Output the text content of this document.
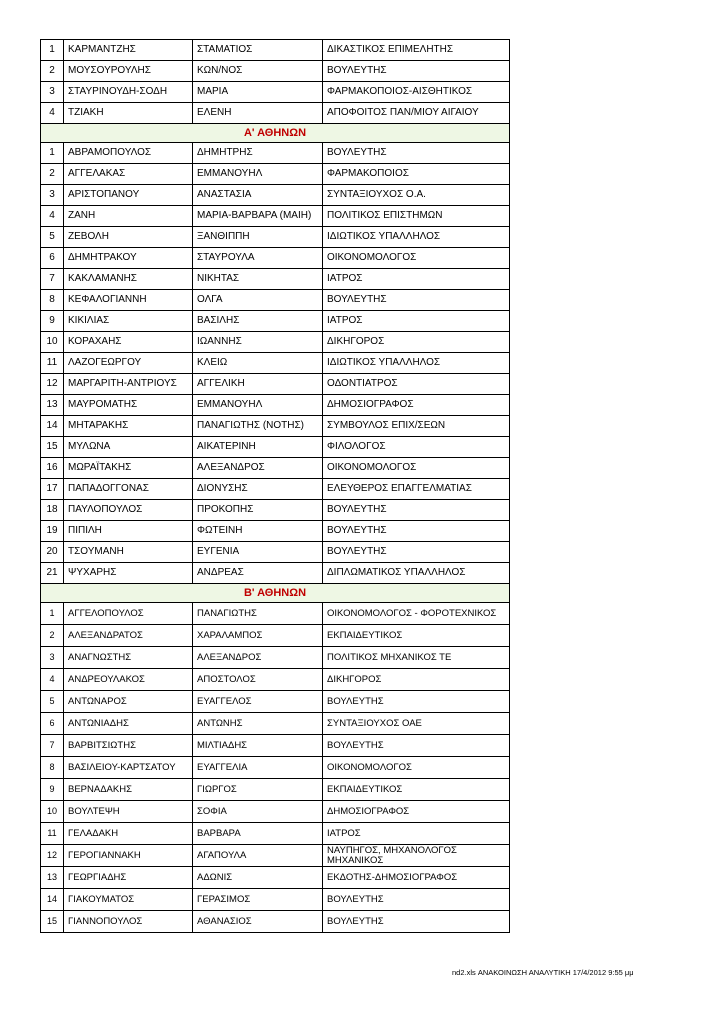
1	ΚΑΡΜΑΝΤΖΗΣ	ΣΤΑΜΑΤΙΟΣ	ΔΙΚΑΣΤΙΚΟΣ ΕΠΙΜΕΛΗΤΗΣ
2	ΜΟΥΣΟΥΡΟΥΛΗΣ	ΚΩΝ/ΝΟΣ	ΒΟΥΛΕΥΤΗΣ
3	ΣΤΑΥΡΙΝΟΥΔΗ-ΣΟΔΗ	ΜΑΡΙΑ	ΦΑΡΜΑΚΟΠΟΙΟΣ-ΑΙΣΘΗΤΙΚΟΣ
4	ΤΖΙΑΚΗ	ΕΛΕΝΗ	ΑΠΟΦΟΙΤΟΣ ΠΑΝ/ΜΙΟΥ ΑΙΓΑΙΟΥ
Α' ΑΘΗΝΩΝ			
1	ΑΒΡΑΜΟΠΟΥΛΟΣ	ΔΗΜΗΤΡΗΣ	ΒΟΥΛΕΥΤΗΣ
2	ΑΓΓΕΛΑΚΑΣ	ΕΜΜΑΝΟΥΗΛ	ΦΑΡΜΑΚΟΠΟΙΟΣ
3	ΑΡΙΣΤΟΠΑΝΟΥ	ΑΝΑΣΤΑΣΙΑ	ΣΥΝΤΑΞΙΟΥΧΟΣ Ο.Α.
4	ΖΑΝΗ	ΜΑΡΙΑ-ΒΑΡΒΑΡΑ (ΜΑΙΗ)	ΠΟΛΙΤΙΚΟΣ ΕΠΙΣΤΗΜΩΝ
5	ΖΕΒΟΛΗ	ΞΑΝΘΙΠΠΗ	ΙΔΙΩΤΙΚΟΣ ΥΠΑΛΛΗΛΟΣ
6	ΔΗΜΗΤΡΑΚΟΥ	ΣΤΑΥΡΟΥΛΑ	ΟΙΚΟΝΟΜΟΛΟΓΟΣ
7	ΚΑΚΛΑΜΑΝΗΣ	ΝΙΚΗΤΑΣ	ΙΑΤΡΟΣ
8	ΚΕΦΑΛΟΓΙΑΝΝΗ	ΟΛΓΑ	ΒΟΥΛΕΥΤΗΣ
9	ΚΙΚΙΛΙΑΣ	ΒΑΣΙΛΗΣ	ΙΑΤΡΟΣ
10	ΚΟΡΑΧΑΗΣ	ΙΩΑΝΝΗΣ	ΔΙΚΗΓΟΡΟΣ
11	ΛΑΖΟΓΕΩΡΓΟΥ	ΚΛΕΙΩ	ΙΔΙΩΤΙΚΟΣ ΥΠΑΛΛΗΛΟΣ
12	ΜΑΡΓΑΡΙΤΗ-ΑΝΤΡΙΟΥΣ	ΑΓΓΕΛΙΚΗ	ΟΔΟΝΤΙΑΤΡΟΣ
13	ΜΑΥΡΟΜΑΤΗΣ	ΕΜΜΑΝΟΥΗΛ	ΔΗΜΟΣΙΟΓΡΑΦΟΣ
14	ΜΗΤΑΡΑΚΗΣ	ΠΑΝΑΓΙΩΤΗΣ (ΝΟΤΗΣ)	ΣΥΜΒΟΥΛΟΣ ΕΠΙΧ/ΣΕΩΝ
15	ΜΥΛΩΝΑ	ΑΙΚΑΤΕΡΙΝΗ	ΦΙΛΟΛΟΓΟΣ
16	ΜΩΡΑΪΤΑΚΗΣ	ΑΛΕΞΑΝΔΡΟΣ	ΟΙΚΟΝΟΜΟΛΟΓΟΣ
17	ΠΑΠΑΔΟΓΓΟΝΑΣ	ΔΙΟΝΥΣΗΣ	ΕΛΕΥΘΕΡΟΣ ΕΠΑΓΓΕΛΜΑΤΙΑΣ
18	ΠΑΥΛΟΠΟΥΛΟΣ	ΠΡΟΚΟΠΗΣ	ΒΟΥΛΕΥΤΗΣ
19	ΠΙΠΙΛΗ	ΦΩΤΕΙΝΗ	ΒΟΥΛΕΥΤΗΣ
20	ΤΣΟΥΜΑΝΗ	ΕΥΓΕΝΙΑ	ΒΟΥΛΕΥΤΗΣ
21	ΨΥΧΑΡΗΣ	ΑΝΔΡΕΑΣ	ΔΙΠΛΩΜΑΤΙΚΟΣ ΥΠΑΛΛΗΛΟΣ
Β' ΑΘΗΝΩΝ			
1	ΑΓΓΕΛΟΠΟΥΛΟΣ	ΠΑΝΑΓΙΩΤΗΣ	ΟΙΚΟΝΟΜΟΛΟΓΟΣ - ΦΟΡΟΤΕΧΝΙΚΟΣ
2	ΑΛΕΞΑΝΔΡΑΤΟΣ	ΧΑΡΑΛΑΜΠΟΣ	ΕΚΠΑΙΔΕΥΤΙΚΟΣ
3	ΑΝΑΓΝΩΣΤΗΣ	ΑΛΕΞΑΝΔΡΟΣ	ΠΟΛΙΤΙΚΟΣ ΜΗΧΑΝΙΚΟΣ ΤΕ
4	ΑΝΔΡΕΟΥΛΑΚΟΣ	ΑΠΟΣΤΟΛΟΣ	ΔΙΚΗΓΟΡΟΣ
5	ΑΝΤΩΝΑΡΟΣ	ΕΥΑΓΓΕΛΟΣ	ΒΟΥΛΕΥΤΗΣ
6	ΑΝΤΩΝΙΑΔΗΣ	ΑΝΤΩΝΗΣ	ΣΥΝΤΑΞΙΟΥΧΟΣ ΟΑΕ
7	ΒΑΡΒΙΤΣΙΩΤΗΣ	ΜΙΛΤΙΑΔΗΣ	ΒΟΥΛΕΥΤΗΣ
8	ΒΑΣΙΛΕΙΟΥ-ΚΑΡΤΣΑΤΟΥ	ΕΥΑΓΓΕΛΙΑ	ΟΙΚΟΝΟΜΟΛΟΓΟΣ
9	ΒΕΡΝΑΔΑΚΗΣ	ΓΙΩΡΓΟΣ	ΕΚΠΑΙΔΕΥΤΙΚΟΣ
10	ΒΟΥΛΤΕΨΗ	ΣΟΦΙΑ	ΔΗΜΟΣΙΟΓΡΑΦΟΣ
11	ΓΕΛΑΔΑΚΗ	ΒΑΡΒΑΡΑ	ΙΑΤΡΟΣ
12	ΓΕΡΟΓΙΑΝΝΑΚΗ	ΑΓΑΠΟΥΛΑ	ΝΑΥΠΗΓΟΣ, ΜΗΧΑΝΟΛΟΓΟΣ ΜΗΧΑΝΙΚΟΣ
13	ΓΕΩΡΓΙΑΔΗΣ	ΑΔΩΝΙΣ	ΕΚΔΟΤΗΣ-ΔΗΜΟΣΙΟΓΡΑΦΟΣ
14	ΓΙΑΚΟΥΜΑΤΟΣ	ΓΕΡΑΣΙΜΟΣ	ΒΟΥΛΕΥΤΗΣ
15	ΓΙΑΝΝΟΠΟΥΛΟΣ	ΑΘΑΝΑΣΙΟΣ	ΒΟΥΛΕΥΤΗΣ
nd2.xls ΑΝΑΚΟΙΝΩΣΗ ΑΝΑΛΥΤΙΚΗ 17/4/2012 9:55 μμ
